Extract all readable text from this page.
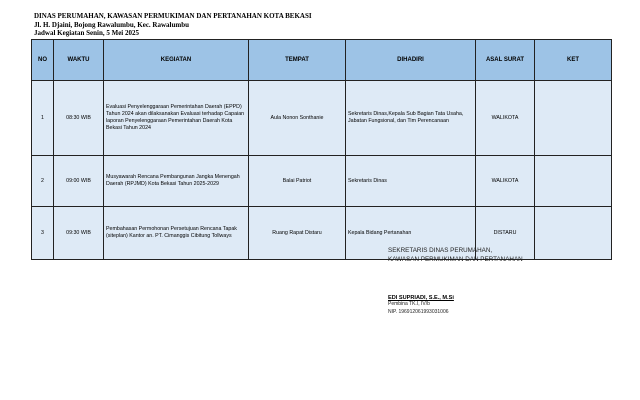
DINAS PERUMAHAN, KAWASAN PERMUKIMAN DAN PERTANAHAN KOTA BEKASI
Jl. H. Djaini, Bojong Rawalumbu, Kec. Rawalumbu
Jadwal Kegiatan Senin, 5 Mei 2025
NO	WAKTU	KEGIATAN	TEMPAT	DIHADIRI	ASAL SURAT	KET
1	08:30 WIB	Evaluasi Penyelenggaraan Pemerintahan Daerah (EPPD) Tahun 2024 akan dilaksanakan Evaluasi terhadap Capaian laporan Penyelenggaraan Pemerintahan Daerah Kota Bekasi Tahun 2024	Aula Nonon Sonthanie	Sekretaris Dinas,Kepala Sub Bagian Tata Usaha, Jabatan Fungsional, dan Tim Perencanaan	WALIKOTA	
2	09:00 WIB	Musyawarah Rencana Pembangunan Jangka Menengah Daerah (RPJMD) Kota Bekasi Tahun 2025-2029	Balai Patriot	Sekretaris Dinas	WALIKOTA	
3	09:30 WIB	Pembahasan Permohonan Persetujuan Rencana Tapak (siteplan) Kantor an. PT. Cimanggis Cibitung Tollways	Ruang Rapat Distaru	Kepala Bidang Pertanahan	DISTARU	
SEKRETARIS DINAS PERUMAHAN,
KAWASAN PERMUKIMAN DAN PERTANAHAN
EDI SUPRIADI, S.E., M.Si
Pembina TK.I, IV/b
NIP. 196912061993031006
